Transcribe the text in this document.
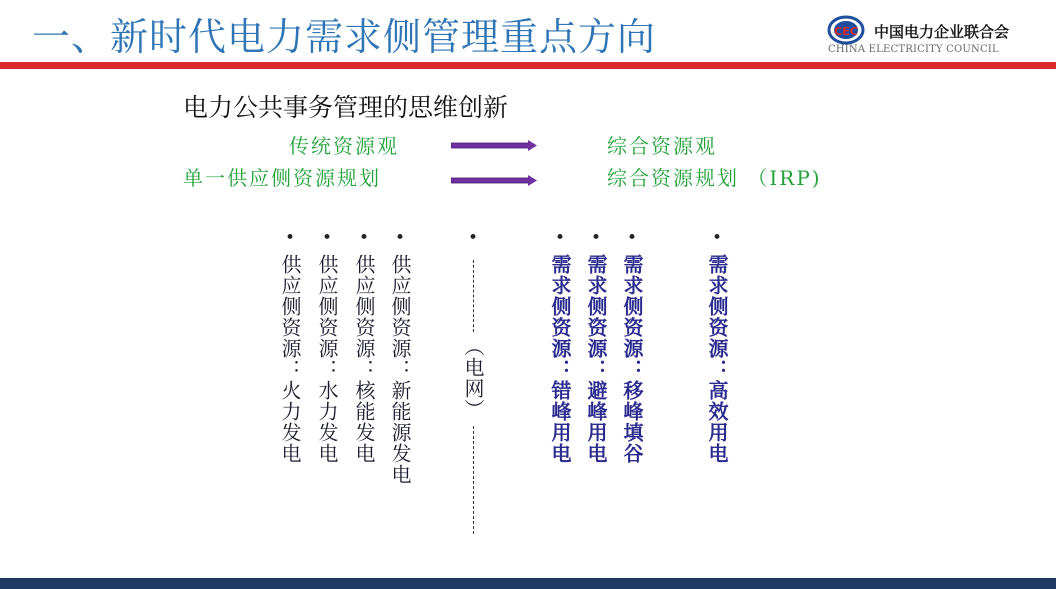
一、新时代电力需求侧管理重点方向	CEC 中国电力企业联合会
CHINA ELECTRICITY COUNCIL
电力公共事务管理的思维创新
传统资源观	综合资源观
单一供应侧资源规划	综合资源规划 （IRP)
•
供应侧资源：火力发电
•
供应侧资源：水力发电
•
供应侧资源：核能发电
•
供应侧资源：新能源发电
•
（电网）
•
需求侧资源：错峰用电
•
需求侧资源：避峰用电
•
需求侧资源：移峰填谷
•
需求侧资源：高效用电
